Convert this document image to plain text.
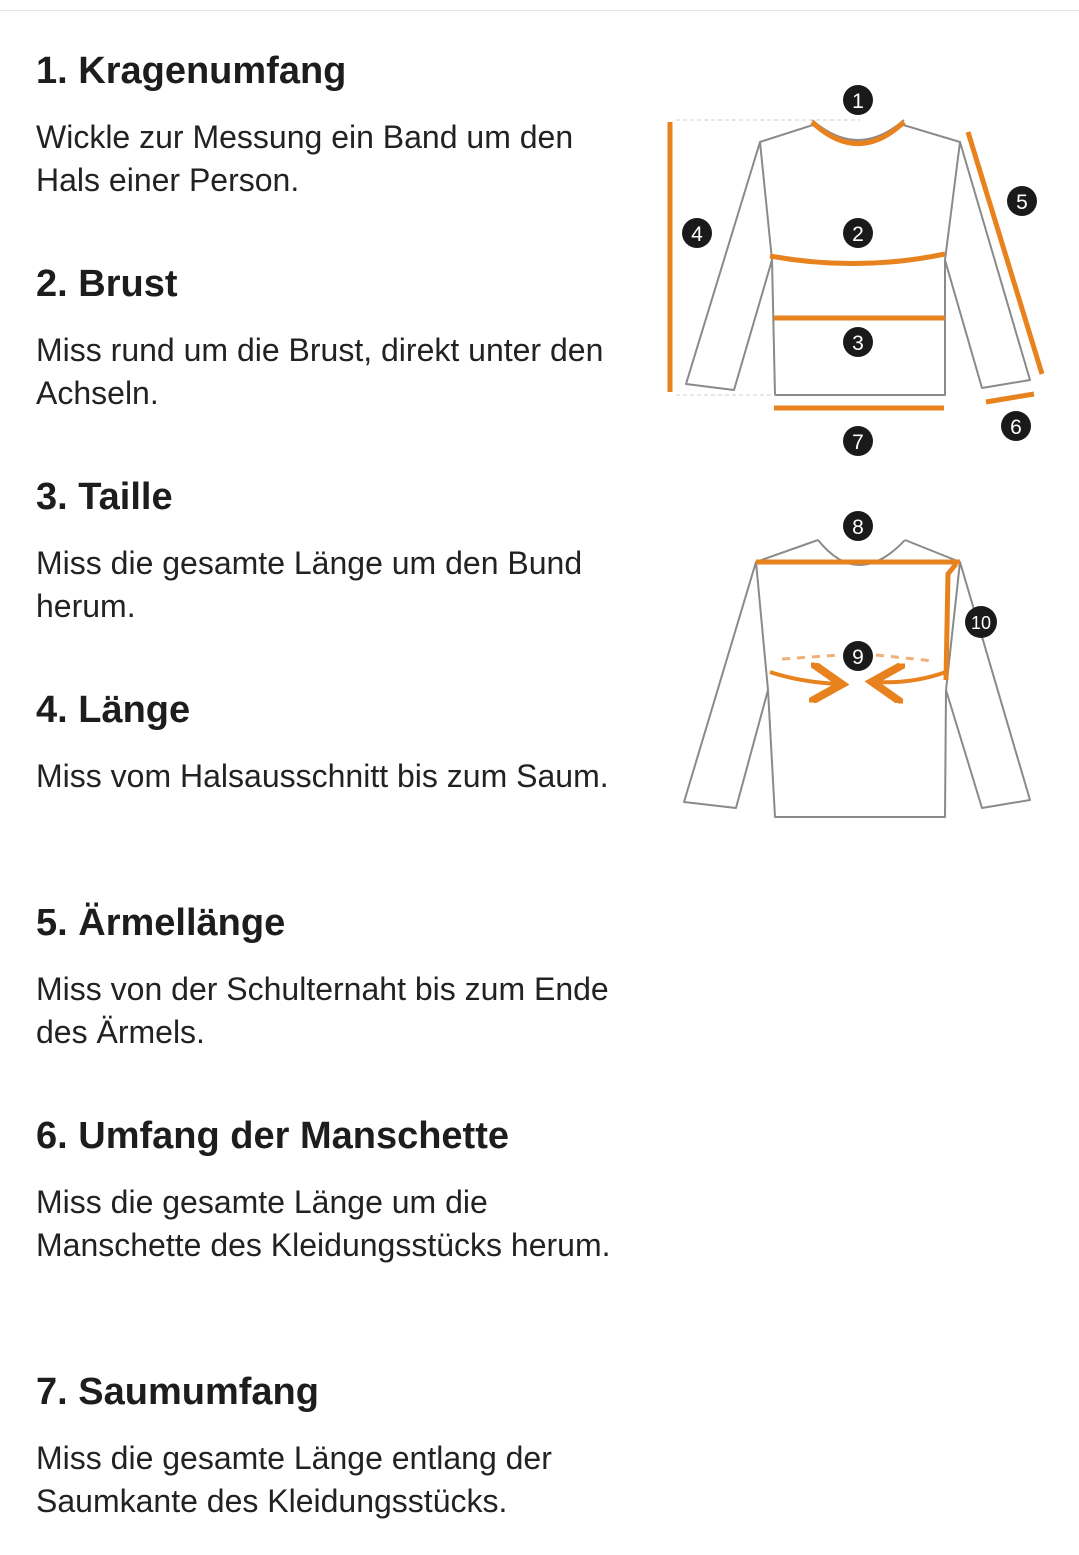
1. Kragenumfang

Wickle zur Messung ein Band um den Hals einer Person.

2. Brust

Miss rund um die Brust, direkt unter den Achseln.

3. Taille

Miss die gesamte Länge um den Bund herum.

4. Länge

Miss vom Halsausschnitt bis zum Saum.

5. Ärmellänge

Miss von der Schulternaht bis zum Ende des Ärmels.

6. Umfang der Manschette

Miss die gesamte Länge um die Manschette des Kleidungsstücks herum.

7. Saumumfang

Miss die gesamte Länge entlang der Saumkante des Kleidungsstücks.

1
2
3
4
5
6
7
8
9
10
